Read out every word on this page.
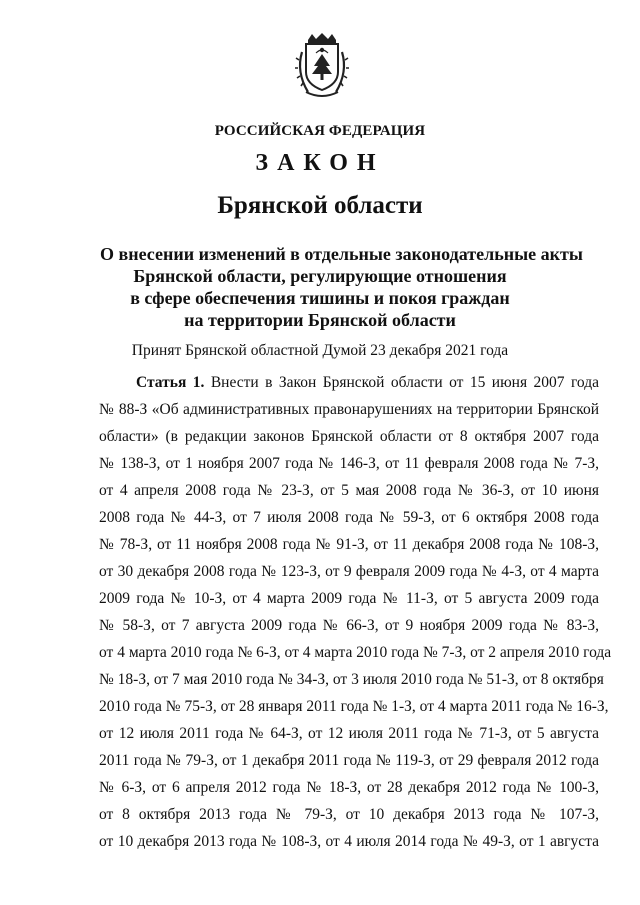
РОССИЙСКАЯ ФЕДЕРАЦИЯ
ЗАКОН
Брянской области
О внесении изменений в отдельные законодательные акты
Брянской области, регулирующие отношения
в сфере обеспечения тишины и покоя граждан
на территории Брянской области
Принят Брянской областной Думой 23 декабря 2021 года
Статья 1. Внести в Закон Брянской области от 15 июня 2007 года
№ 88-З «Об административных правонарушениях на территории Брянской
области» (в редакции законов Брянской области от 8 октября 2007 года
№ 138-З, от 1 ноября 2007 года № 146-З, от 11 февраля 2008 года № 7-З,
от 4 апреля 2008 года № 23-З, от 5 мая 2008 года № 36-З, от 10 июня
2008 года № 44-З, от 7 июля 2008 года № 59-З, от 6 октября 2008 года
№ 78-З, от 11 ноября 2008 года № 91-З, от 11 декабря 2008 года № 108-З,
от 30 декабря 2008 года № 123-З, от 9 февраля 2009 года № 4-З, от 4 марта
2009 года № 10-З, от 4 марта 2009 года № 11-З, от 5 августа 2009 года
№ 58-З, от 7 августа 2009 года № 66-З, от 9 ноября 2009 года № 83-З,
от 4 марта 2010 года № 6-З, от 4 марта 2010 года № 7-З, от 2 апреля 2010 года
№ 18-З, от 7 мая 2010 года № 34-З, от 3 июля 2010 года № 51-З, от 8 октября
2010 года № 75-З, от 28 января 2011 года № 1-З, от 4 марта 2011 года № 16-З,
от 12 июля 2011 года № 64-З, от 12 июля 2011 года № 71-З, от 5 августа
2011 года № 79-З, от 1 декабря 2011 года № 119-З, от 29 февраля 2012 года
№ 6-З, от 6 апреля 2012 года № 18-З, от 28 декабря 2012 года № 100-З,
от 8 октября 2013 года № 79-З, от 10 декабря 2013 года № 107-З,
от 10 декабря 2013 года № 108-З, от 4 июля 2014 года № 49-З, от 1 августа
